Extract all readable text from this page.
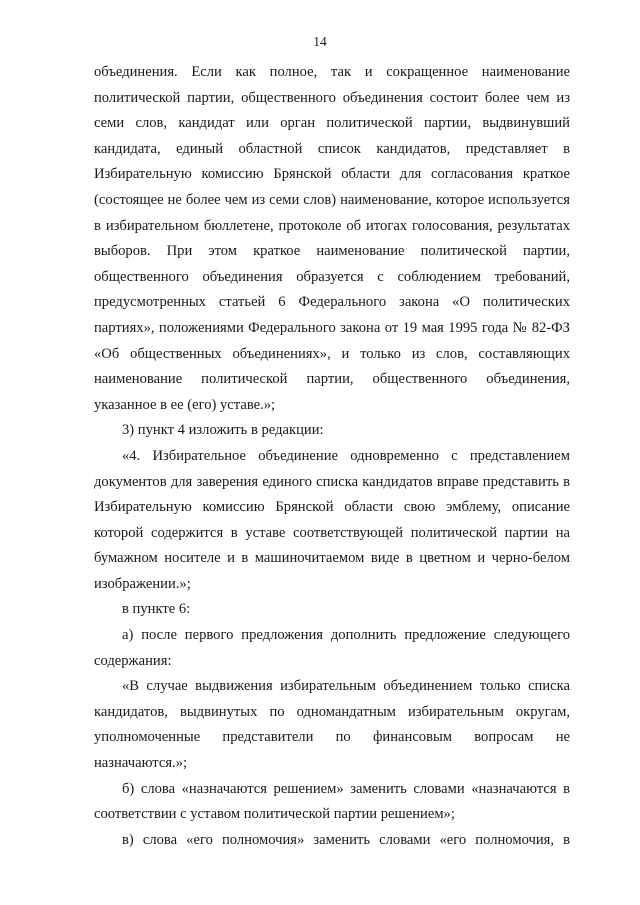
14

объединения. Если как полное, так и сокращенное наименование политической партии, общественного объединения состоит более чем из семи слов, кандидат или орган политической партии, выдвинувший кандидата, единый областной список кандидатов, представляет в Избирательную комиссию Брянской области для согласования краткое (состоящее не более чем из семи слов) наименование, которое используется в избирательном бюллетене, протоколе об итогах голосования, результатах выборов. При этом краткое наименование политической партии, общественного объединения образуется с соблюдением требований, предусмотренных статьей 6 Федерального закона «О политических партиях», положениями Федерального закона от 19 мая 1995 года № 82-ФЗ «Об общественных объединениях», и только из слов, составляющих наименование политической партии, общественного объединения, указанное в ее (его) уставе.»;

3) пункт 4 изложить в редакции:

«4. Избирательное объединение одновременно с представлением документов для заверения единого списка кандидатов вправе представить в Избирательную комиссию Брянской области свою эмблему, описание которой содержится в уставе соответствующей политической партии на бумажном носителе и в машиночитаемом виде в цветном и черно-белом изображении.»;

в пункте 6:

а) после первого предложения дополнить предложение следующего содержания:

«В случае выдвижения избирательным объединением только списка кандидатов, выдвинутых по одномандатным избирательным округам, уполномоченные представители по финансовым вопросам не назначаются.»;

б) слова «назначаются решением» заменить словами «назначаются в соответствии с уставом политической партии решением»;

в) слова «его полномочия» заменить словами «его полномочия, в
